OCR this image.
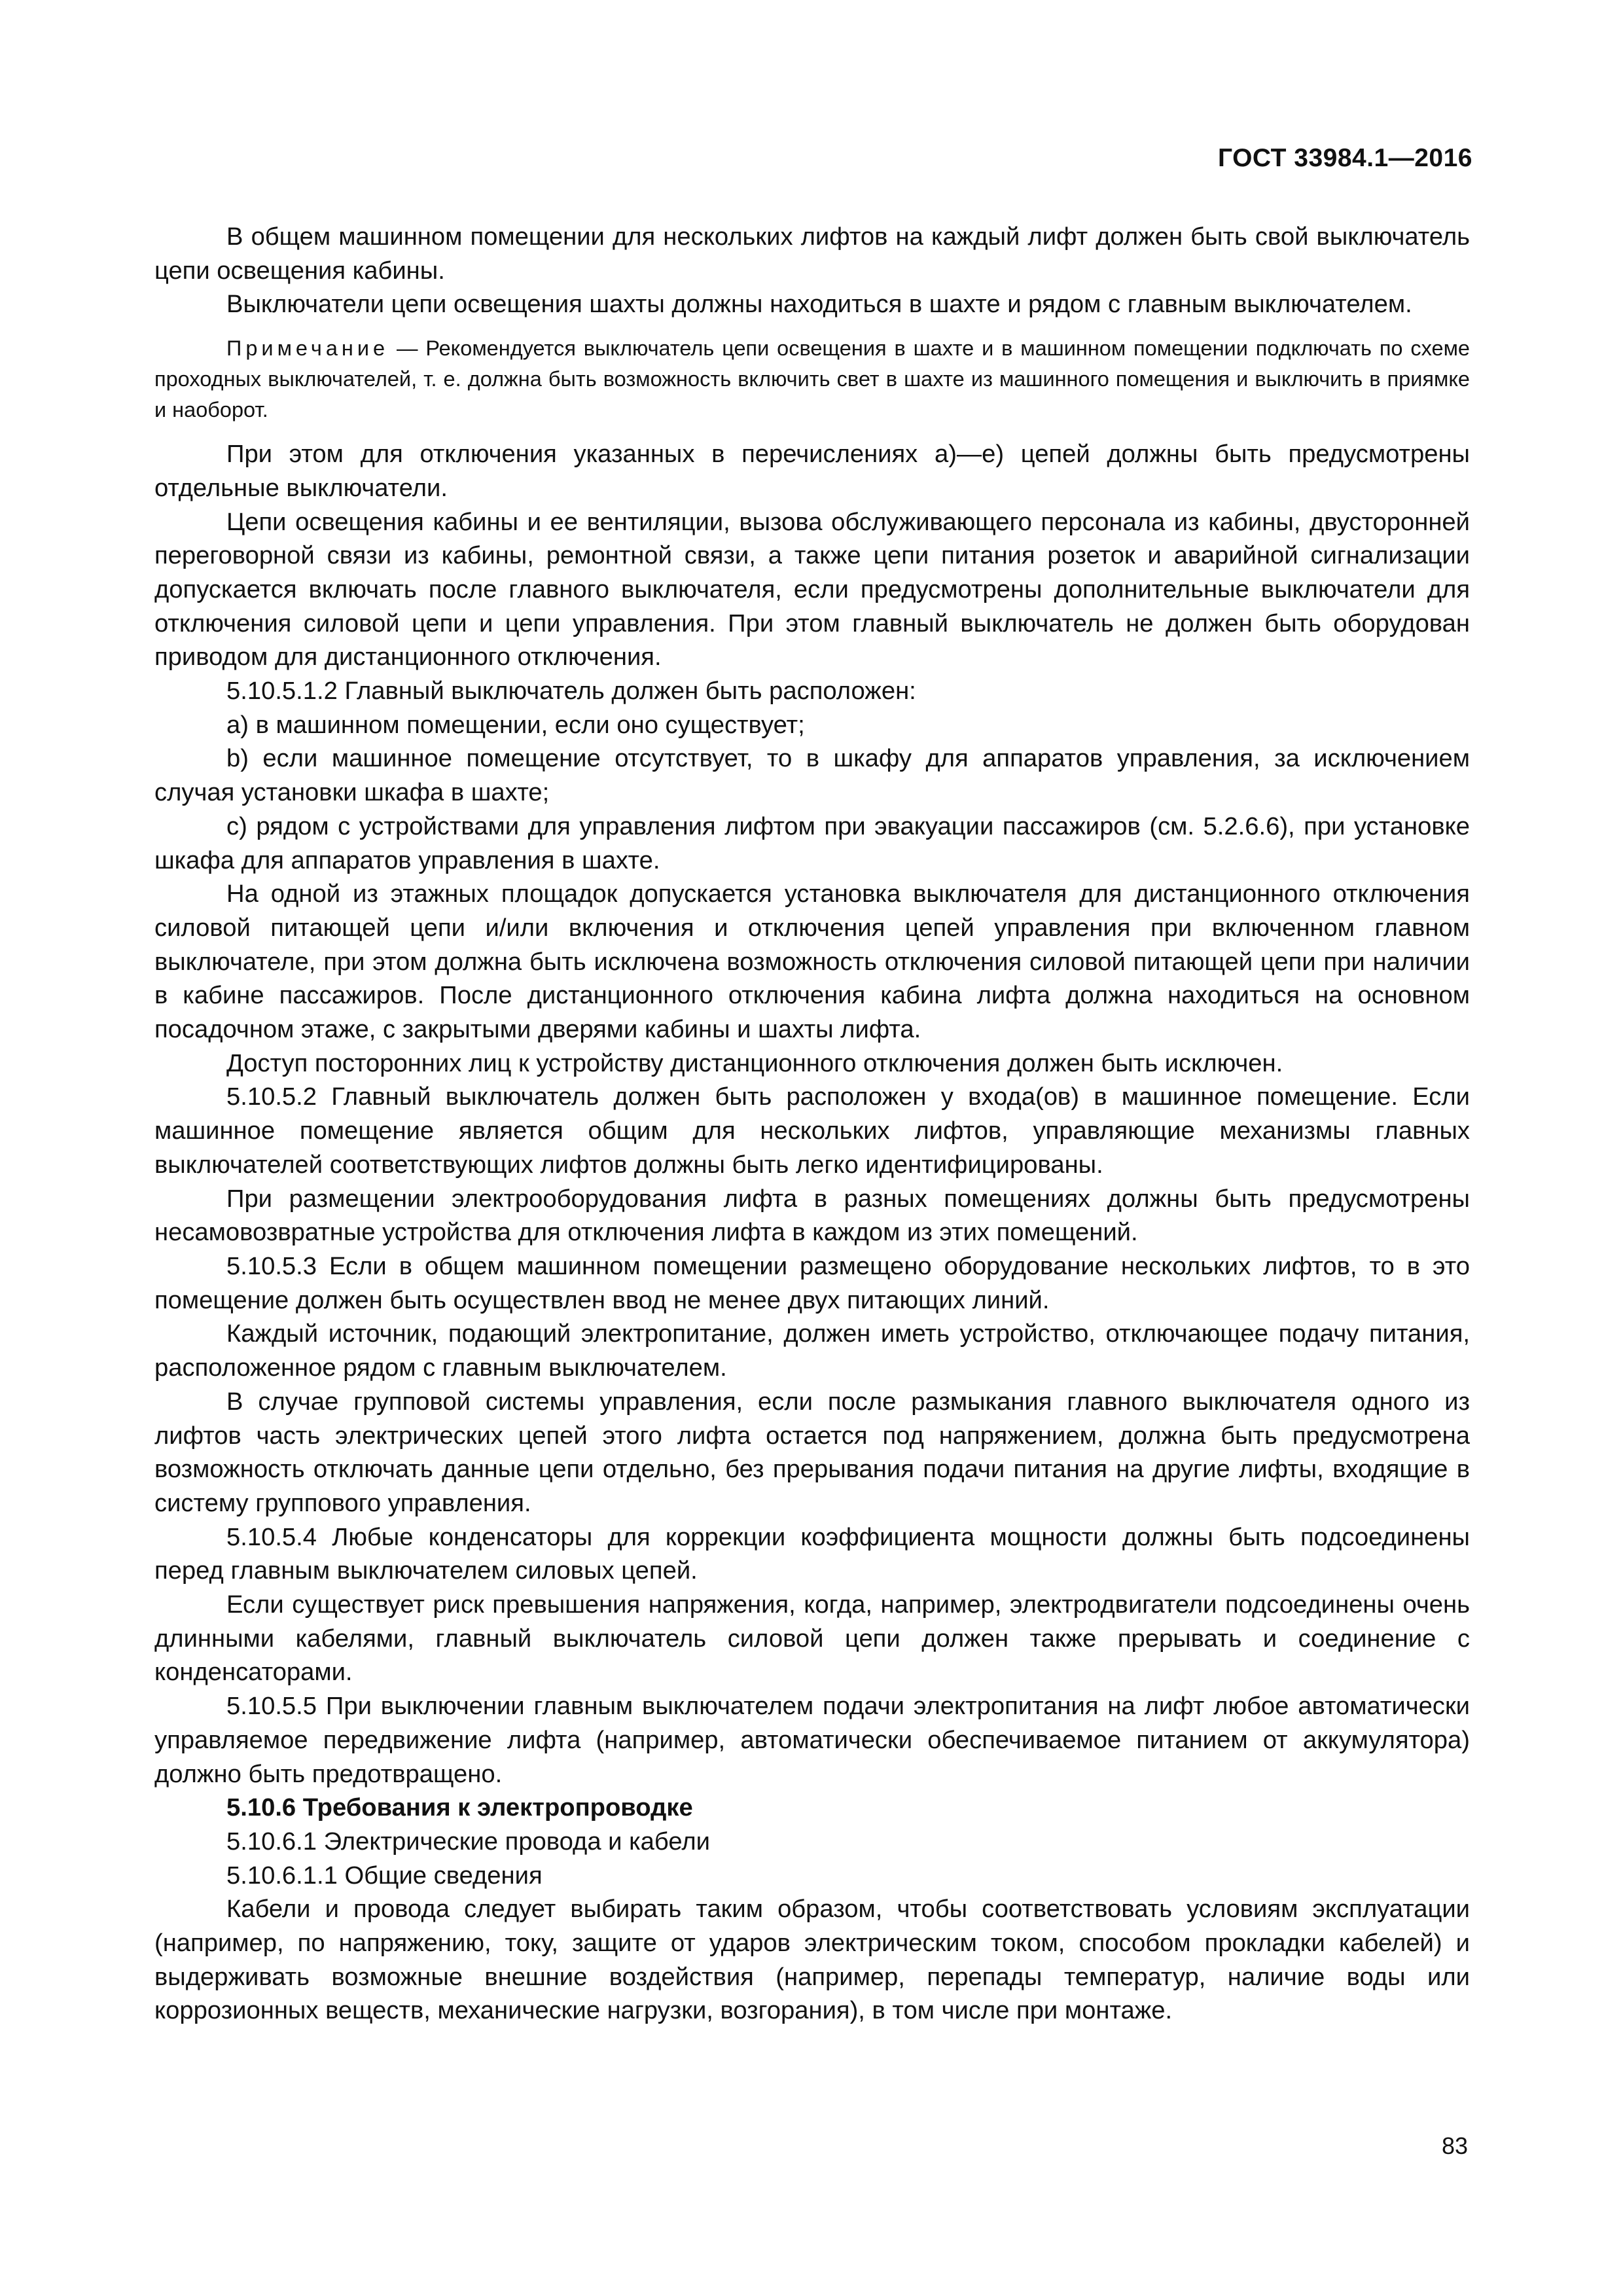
ГОСТ 33984.1—2016

В общем машинном помещении для нескольких лифтов на каждый лифт должен быть свой выключатель цепи освещения кабины.

Выключатели цепи освещения шахты должны находиться в шахте и рядом с главным выключателем.

Примечание — Рекомендуется выключатель цепи освещения в шахте и в машинном помещении подключать по схеме проходных выключателей, т. е. должна быть возможность включить свет в шахте из машинного помещения и выключить в приямке и наоборот.

При этом для отключения указанных в перечислениях а)—е) цепей должны быть предусмотрены отдельные выключатели.

Цепи освещения кабины и ее вентиляции, вызова обслуживающего персонала из кабины, двусторонней переговорной связи из кабины, ремонтной связи, а также цепи питания розеток и аварийной сигнализации допускается включать после главного выключателя, если предусмотрены дополнительные выключатели для отключения силовой цепи и цепи управления. При этом главный выключатель не должен быть оборудован приводом для дистанционного отключения.

5.10.5.1.2 Главный выключатель должен быть расположен:

а) в машинном помещении, если оно существует;

b) если машинное помещение отсутствует, то в шкафу для аппаратов управления, за исключением случая установки шкафа в шахте;

с) рядом с устройствами для управления лифтом при эвакуации пассажиров (см. 5.2.6.6), при установке шкафа для аппаратов управления в шахте.

На одной из этажных площадок допускается установка выключателя для дистанционного отключения силовой питающей цепи и/или включения и отключения цепей управления при включенном главном выключателе, при этом должна быть исключена возможность отключения силовой питающей цепи при наличии в кабине пассажиров. После дистанционного отключения кабина лифта должна находиться на основном посадочном этаже, с закрытыми дверями кабины и шахты лифта.

Доступ посторонних лиц к устройству дистанционного отключения должен быть исключен.

5.10.5.2 Главный выключатель должен быть расположен у входа(ов) в машинное помещение. Если машинное помещение является общим для нескольких лифтов, управляющие механизмы главных выключателей соответствующих лифтов должны быть легко идентифицированы.

При размещении электрооборудования лифта в разных помещениях должны быть предусмотрены несамовозвратные устройства для отключения лифта в каждом из этих помещений.

5.10.5.3 Если в общем машинном помещении размещено оборудование нескольких лифтов, то в это помещение должен быть осуществлен ввод не менее двух питающих линий.

Каждый источник, подающий электропитание, должен иметь устройство, отключающее подачу питания, расположенное рядом с главным выключателем.

В случае групповой системы управления, если после размыкания главного выключателя одного из лифтов часть электрических цепей этого лифта остается под напряжением, должна быть предусмотрена возможность отключать данные цепи отдельно, без прерывания подачи питания на другие лифты, входящие в систему группового управления.

5.10.5.4 Любые конденсаторы для коррекции коэффициента мощности должны быть подсоединены перед главным выключателем силовых цепей.

Если существует риск превышения напряжения, когда, например, электродвигатели подсоединены очень длинными кабелями, главный выключатель силовой цепи должен также прерывать и соединение с конденсаторами.

5.10.5.5 При выключении главным выключателем подачи электропитания на лифт любое автоматически управляемое передвижение лифта (например, автоматически обеспечиваемое питанием от аккумулятора) должно быть предотвращено.

5.10.6 Требования к электропроводке

5.10.6.1 Электрические провода и кабели

5.10.6.1.1 Общие сведения

Кабели и провода следует выбирать таким образом, чтобы соответствовать условиям эксплуатации (например, по напряжению, току, защите от ударов электрическим током, способом прокладки кабелей) и выдерживать возможные внешние воздействия (например, перепады температур, наличие воды или коррозионных веществ, механические нагрузки, возгорания), в том числе при монтаже.

83
